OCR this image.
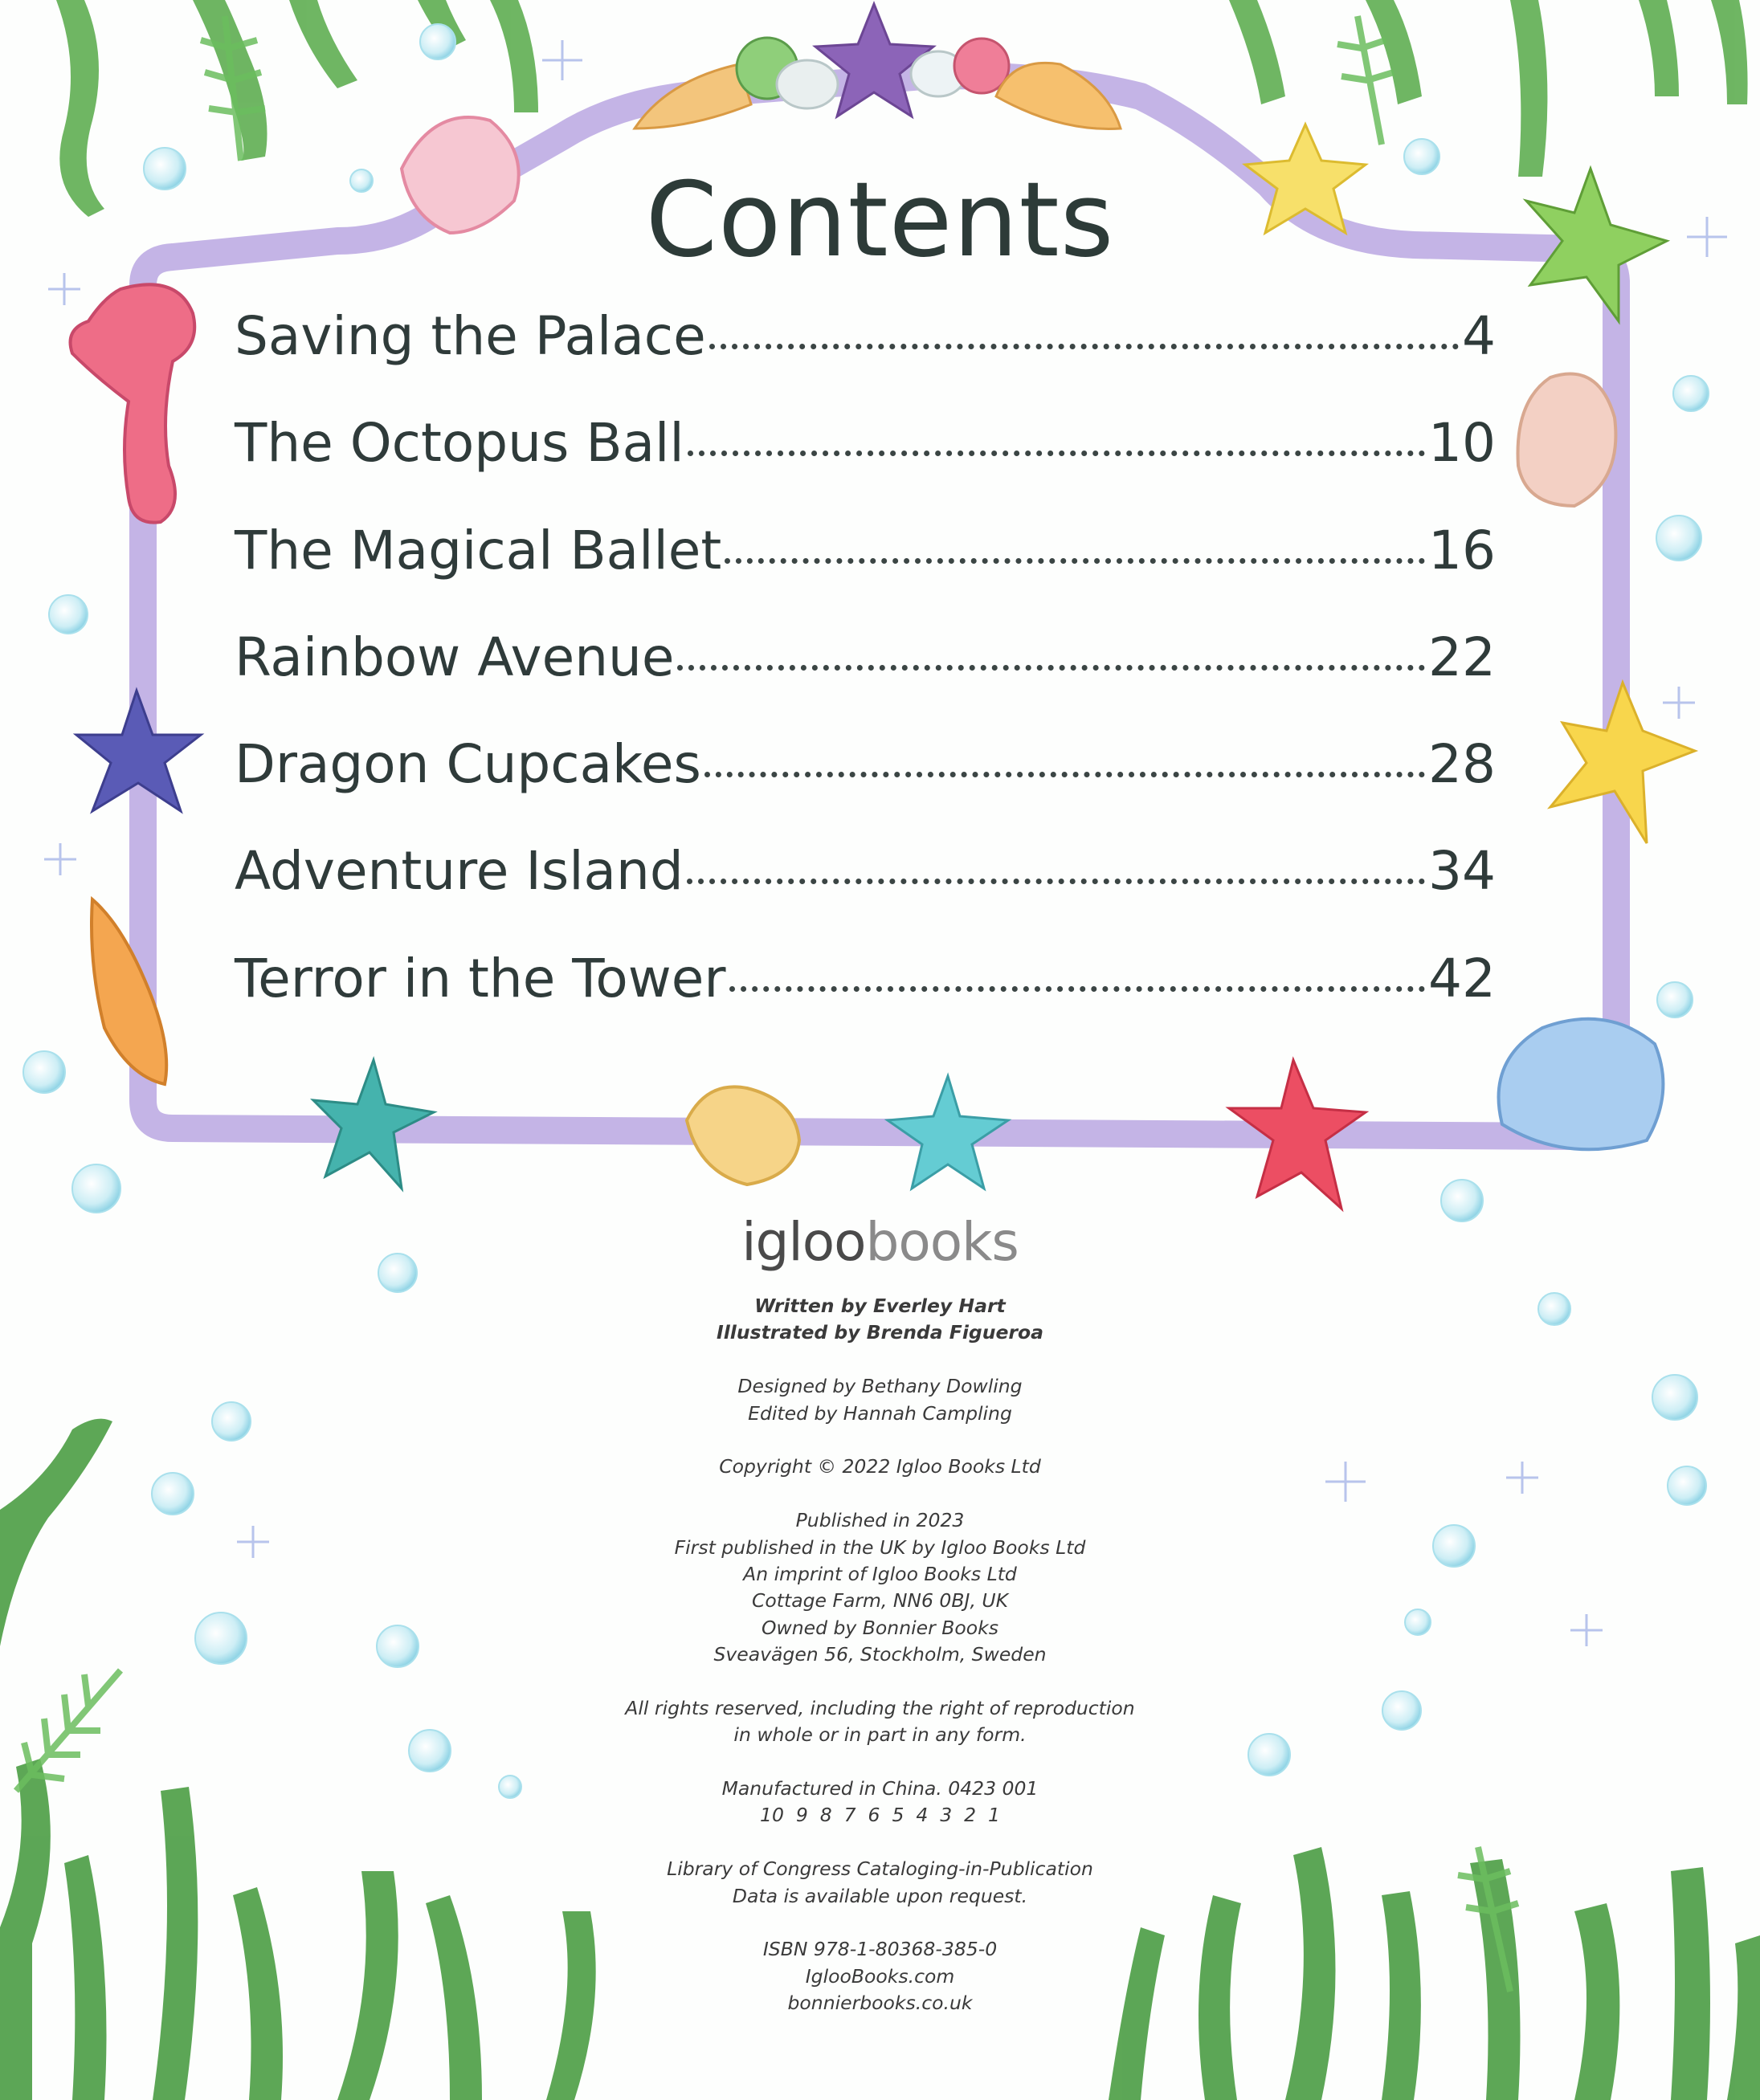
Contents
Saving the Palace	4
The Octopus Ball	10
The Magical Ballet	16
Rainbow Avenue	22
Dragon Cupcakes	28
Adventure Island	34
Terror in the Tower	42
igloobooks
Written by Everley Hart
Illustrated by Brenda Figueroa
Designed by Bethany Dowling
Edited by Hannah Campling
Copyright © 2022 Igloo Books Ltd
Published in 2023
First published in the UK by Igloo Books Ltd
An imprint of Igloo Books Ltd
Cottage Farm, NN6 0BJ, UK
Owned by Bonnier Books
Sveavägen 56, Stockholm, Sweden
All rights reserved, including the right of reproduction
in whole or in part in any form.
Manufactured in China. 0423 001
10  9  8  7  6  5  4  3  2  1
Library of Congress Cataloging-in-Publication
Data is available upon request.
ISBN 978-1-80368-385-0
IglooBooks.com
bonnierbooks.co.uk
